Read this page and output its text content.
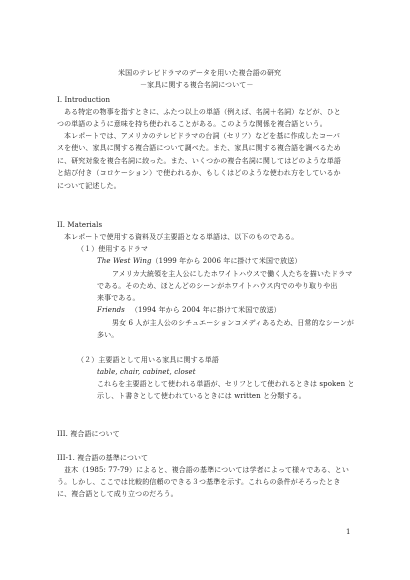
米国のテレビドラマのデータを用いた複合語の研究
－家具に関する複合名詞について－
I. Introduction
ある特定の物事を指すときに、ふたつ以上の単語（例えば、名詞＋名詞）などが、ひと
つの単語のように意味を持ち使われることがある。このような関係を複合語という。
本レポートでは、アメリカのテレビドラマの台詞（セリフ）などを基に作成したコーパ
スを使い、家具に関する複合語について調べた。また、家具に関する複合語を調べるため
に、研究対象を複合名詞に絞った。また、いくつかの複合名詞に関してはどのような単語
と結び付き（コロケーション）で使われるか、もしくはどのような使われ方をしているか
について記述した。
II. Materials
本レポートで使用する資料及び主要語となる単語は、以下のものである。
（１）使用するドラマ
The West Wing（1999 年から 2006 年に掛けて米国で放送）
アメリカ大統領を主人公にしたホワイトハウスで働く人たちを描いたドラマ
である。そのため、ほとんどのシーンがホワイトハウス内でのやり取りや出
来事である。
Friends （1994 年から 2004 年に掛けて米国で放送）
男女 6 人が主人公のシチュエーションコメディあるため、日常的なシーンが
多い。
（２）主要語として用いる家具に関する単語
table, chair, cabinet, closet
これらを主要語として使われる単語が、セリフとして使われるときは spoken と
示し、ト書きとして使われているときには written と分類する。
III. 複合語について
III-1. 複合語の基準について
並木（1985: 77-79）によると、複合語の基準については学者によって様々である、とい
う。しかし、ここでは比較的信頼のできる３つ基準を示す。これらの条件がそろったとき
に、複合語として成り立つのだろう。
1
